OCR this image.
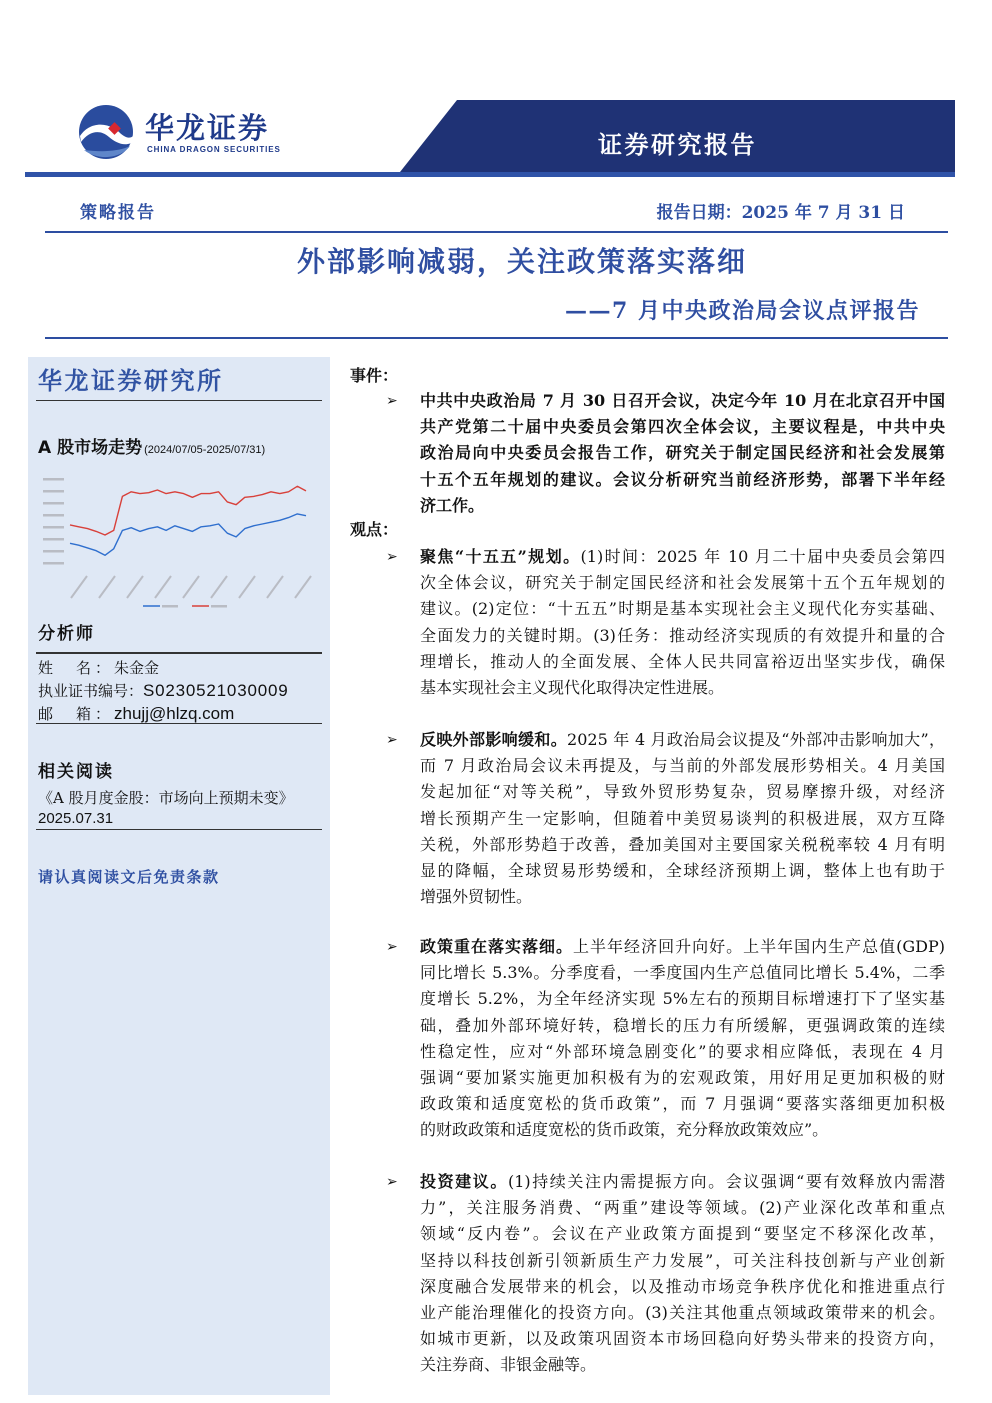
华龙证券
CHINA DRAGON SECURITIES	证券研究报告
策略报告	报告日期：2025 年 7 月 31 日
外部影响减弱，关注政策落实落细
——7 月中央政治局会议点评报告
华龙证券研究所
A 股市场走势 (2024/07/05-2025/07/31)
分析师
姓　名：朱金金
执业证书编号：S0230521030009
邮　箱：zhujj@hlzq.com
相关阅读
《A 股月度金股：市场向上预期未变》
2025.07.31
请认真阅读文后免责条款
事件：
➢ 中共中央政治局 7 月 30 日召开会议，决定今年 10 月在北京召开中国
共产党第二十届中央委员会第四次全体会议，主要议程是，中共中央
政治局向中央委员会报告工作，研究关于制定国民经济和社会发展第
十五个五年规划的建议。会议分析研究当前经济形势，部署下半年经
济工作。
观点：
➢ 聚焦“十五五”规划。(1)时间：2025 年 10 月二十届中央委员会第四
次全体会议，研究关于制定国民经济和社会发展第十五个五年规划的
建议。(2)定位：“十五五”时期是基本实现社会主义现代化夯实基础、
全面发力的关键时期。(3)任务：推动经济实现质的有效提升和量的合
理增长，推动人的全面发展、全体人民共同富裕迈出坚实步伐，确保
基本实现社会主义现代化取得决定性进展。
➢ 反映外部影响缓和。2025 年 4 月政治局会议提及“外部冲击影响加大”，
而 7 月政治局会议未再提及，与当前的外部发展形势相关。4 月美国
发起加征“对等关税”，导致外贸形势复杂，贸易摩擦升级，对经济
增长预期产生一定影响，但随着中美贸易谈判的积极进展，双方互降
关税，外部形势趋于改善，叠加美国对主要国家关税税率较 4 月有明
显的降幅，全球贸易形势缓和，全球经济预期上调，整体上也有助于
增强外贸韧性。
➢ 政策重在落实落细。上半年经济回升向好。上半年国内生产总值(GDP)
同比增长 5.3%。分季度看，一季度国内生产总值同比增长 5.4%，二季
度增长 5.2%，为全年经济实现 5%左右的预期目标增速打下了坚实基
础，叠加外部环境好转，稳增长的压力有所缓解，更强调政策的连续
性稳定性，应对“外部环境急剧变化”的要求相应降低，表现在 4 月
强调“要加紧实施更加积极有为的宏观政策，用好用足更加积极的财
政政策和适度宽松的货币政策”，而 7 月强调“要落实落细更加积极
的财政政策和适度宽松的货币政策，充分释放政策效应”。
➢ 投资建议。(1)持续关注内需提振方向。会议强调“要有效释放内需潜
力”，关注服务消费、“两重”建设等领域。(2)产业深化改革和重点
领域“反内卷”。会议在产业政策方面提到“要坚定不移深化改革，
坚持以科技创新引领新质生产力发展”，可关注科技创新与产业创新
深度融合发展带来的机会，以及推动市场竞争秩序优化和推进重点行
业产能治理催化的投资方向。(3)关注其他重点领域政策带来的机会。
如城市更新，以及政策巩固资本市场回稳向好势头带来的投资方向，
关注券商、非银金融等。
